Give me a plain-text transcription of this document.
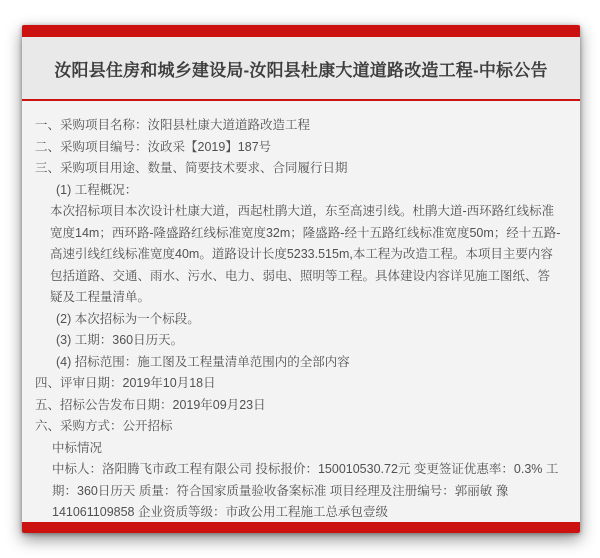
汝阳县住房和城乡建设局-汝阳县杜康大道道路改造工程-中标公告
一、采购项目名称：汝阳县杜康大道道路改造工程
二、采购项目编号：汝政采【2019】187号
三、采购项目用途、数量、简要技术要求、合同履行日期
(1) 工程概况：
本次招标项目本次设计杜康大道，西起杜鹃大道，东至高速引线。杜鹃大道-西环路红线标准宽度14m；西环路-隆盛路红线标准宽度32m；隆盛路-经十五路红线标准宽度50m；经十五路-高速引线红线标准宽度40m。道路设计长度5233.515m,本工程为改造工程。本项目主要内容包括道路、交通、雨水、污水、电力、弱电、照明等工程。具体建设内容详见施工图纸、答疑及工程量清单。
(2) 本次招标为一个标段。
(3) 工期：360日历天。
(4) 招标范围：施工图及工程量清单范围内的全部内容
四、评审日期：2019年10月18日
五、招标公告发布日期：2019年09月23日
六、采购方式：公开招标
中标情况
中标人：洛阳腾飞市政工程有限公司 投标报价：150010530.72元 变更签证优惠率：0.3% 工期：360日历天 质量：符合国家质量验收备案标准 项目经理及注册编号：郭丽敏 豫141061109858 企业资质等级：市政公用工程施工总承包壹级
